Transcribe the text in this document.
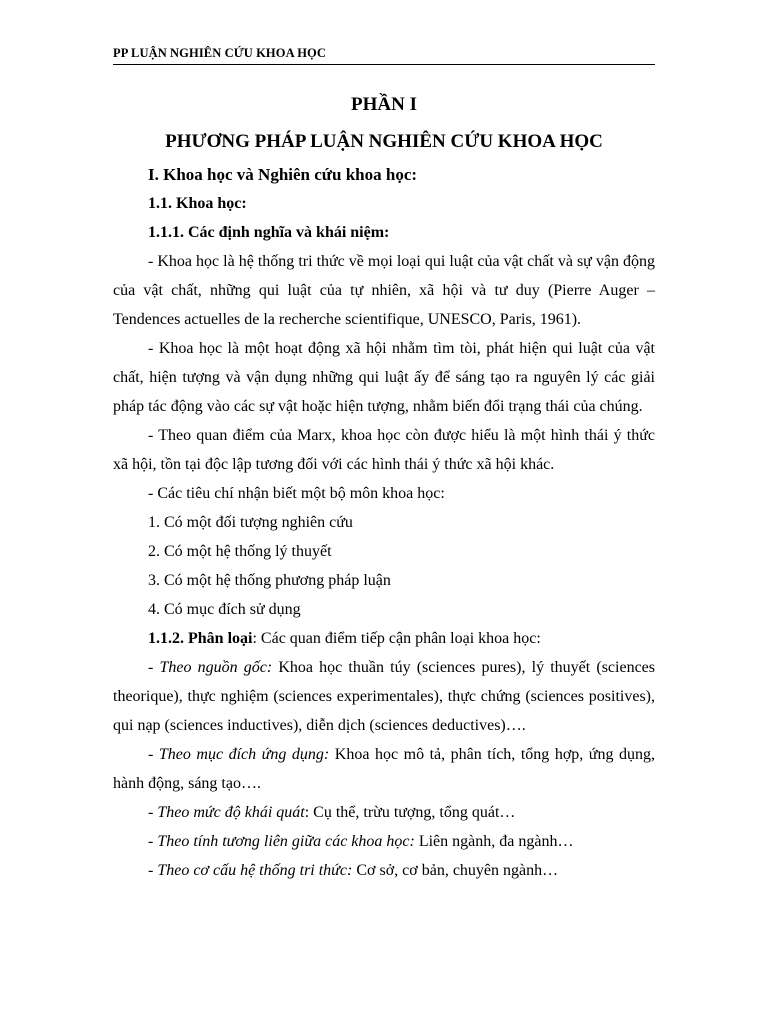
PP LUẬN NGHIÊN CỨU KHOA HỌC
PHẦN I
PHƯƠNG PHÁP LUẬN NGHIÊN CỨU KHOA HỌC

I. Khoa học và Nghiên cứu khoa học:

1.1. Khoa học:

1.1.1. Các định nghĩa và khái niệm:

- Khoa học là hệ thống tri thức về mọi loại qui luật của vật chất và sự vận động của vật chất, những qui luật của tự nhiên, xã hội và tư duy (Pierre Auger – Tendences actuelles de la recherche scientifique, UNESCO, Paris, 1961).

- Khoa học là một hoạt động xã hội nhằm tìm tòi, phát hiện qui luật của vật chất, hiện tượng và vận dụng những qui luật ấy để sáng tạo ra nguyên lý các giải pháp tác động vào các sự vật hoặc hiện tượng, nhằm biến đổi trạng thái của chúng.

- Theo quan điểm của Marx, khoa học còn được hiểu là một hình thái ý thức xã hội, tồn tại độc lập tương đối với các hình thái ý thức xã hội khác.

- Các tiêu chí nhận biết một bộ môn khoa học:

1. Có một đối tượng nghiên cứu

2. Có một hệ thống lý thuyết

3. Có một hệ thống phương pháp luận

4. Có mục đích sử dụng

1.1.2. Phân loại: Các quan điểm tiếp cận phân loại khoa học:

- Theo nguồn gốc: Khoa học thuần túy (sciences pures), lý thuyết (sciences theorique), thực nghiệm (sciences experimentales), thực chứng (sciences positives), qui nạp (sciences inductives), diễn dịch (sciences deductives)….

- Theo mục đích ứng dụng: Khoa học mô tả, phân tích, tổng hợp, ứng dụng, hành động, sáng tạo….

- Theo mức độ khái quát: Cụ thể, trừu tượng, tổng quát…

- Theo tính tương liên giữa các khoa học: Liên ngành, đa ngành…

- Theo cơ cấu hệ thống tri thức: Cơ sở, cơ bản, chuyên ngành…
